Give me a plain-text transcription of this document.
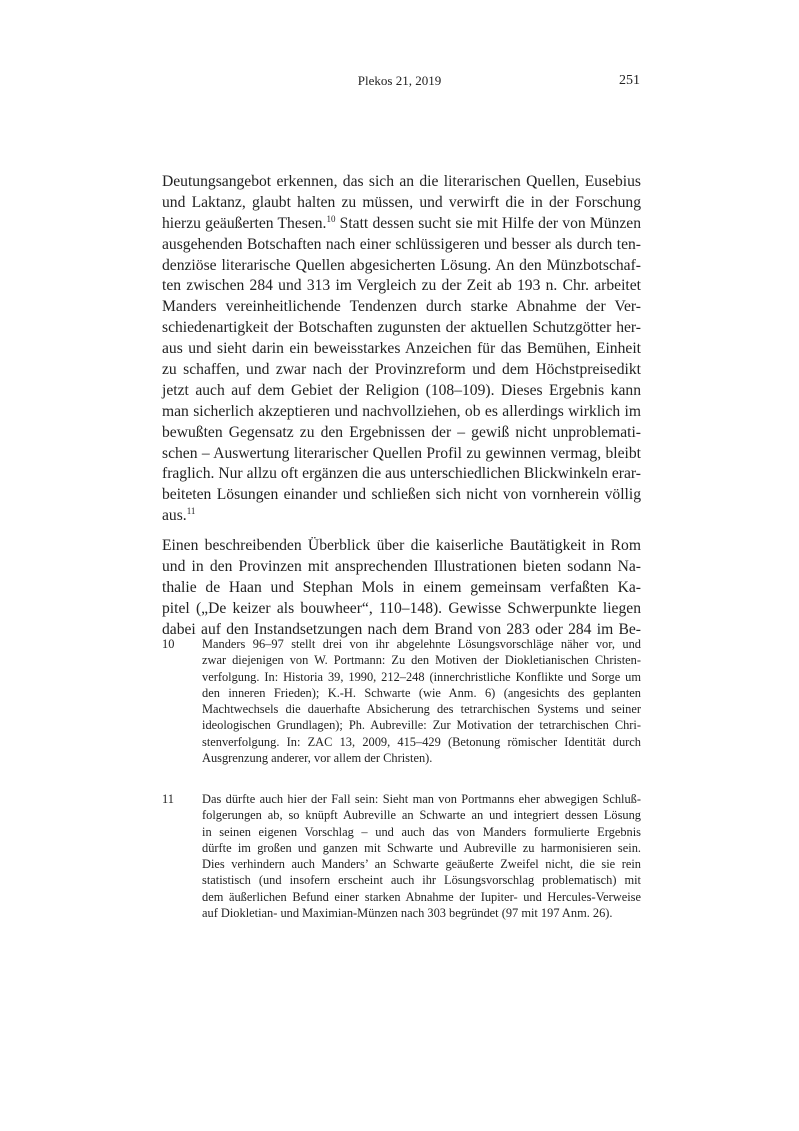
Plekos 21, 2019	251
Deutungsangebot erkennen, das sich an die literarischen Quellen, Eusebius
und Laktanz, glaubt halten zu müssen, und verwirft die in der Forschung
hierzu geäußerten Thesen.$^{10}$ Statt dessen sucht sie mit Hilfe der von Münzen
ausgehenden Botschaften nach einer schlüssigeren und besser als durch ten-
denziöse literarische Quellen abgesicherten Lösung. An den Münzbotschaf-
ten zwischen 284 und 313 im Vergleich zu der Zeit ab 193 n. Chr. arbeitet
Manders vereinheitlichende Tendenzen durch starke Abnahme der Ver-
schiedenartigkeit der Botschaften zugunsten der aktuellen Schutzgötter her-
aus und sieht darin ein beweisstarkes Anzeichen für das Bemühen, Einheit
zu schaffen, und zwar nach der Provinzreform und dem Höchstpreisedikt
jetzt auch auf dem Gebiet der Religion (108–109). Dieses Ergebnis kann
man sicherlich akzeptieren und nachvollziehen, ob es allerdings wirklich im
bewußten Gegensatz zu den Ergebnissen der – gewiß nicht unproblemati-
schen – Auswertung literarischer Quellen Profil zu gewinnen vermag, bleibt
fraglich. Nur allzu oft ergänzen die aus unterschiedlichen Blickwinkeln erar-
beiteten Lösungen einander und schließen sich nicht von vornherein völlig
aus.$^{11}$
Einen beschreibenden Überblick über die kaiserliche Bautätigkeit in Rom
und in den Provinzen mit ansprechenden Illustrationen bieten sodann Na-
thalie de Haan und Stephan Mols in einem gemeinsam verfaßten Ka-
pitel („De keizer als bouwheer“, 110–148). Gewisse Schwerpunkte liegen
dabei auf den Instandsetzungen nach dem Brand von 283 oder 284 im Be-
10 Manders 96–97 stellt drei von ihr abgelehnte Lösungsvorschläge näher vor, und
zwar diejenigen von W. Portmann: Zu den Motiven der Diokletianischen Christen-
verfolgung. In: Historia 39, 1990, 212–248 (innerchristliche Konflikte und Sorge um
den inneren Frieden); K.-H. Schwarte (wie Anm. 6) (angesichts des geplanten
Machtwechsels die dauerhafte Absicherung des tetrarchischen Systems und seiner
ideologischen Grundlagen); Ph. Aubreville: Zur Motivation der tetrarchischen Chri-
stenverfolgung. In: ZAC 13, 2009, 415–429 (Betonung römischer Identität durch
Ausgrenzung anderer, vor allem der Christen).
11 Das dürfte auch hier der Fall sein: Sieht man von Portmanns eher abwegigen Schluß-
folgerungen ab, so knüpft Aubreville an Schwarte an und integriert dessen Lösung
in seinen eigenen Vorschlag – und auch das von Manders formulierte Ergebnis
dürfte im großen und ganzen mit Schwarte und Aubreville zu harmonisieren sein.
Dies verhindern auch Manders’ an Schwarte geäußerte Zweifel nicht, die sie rein
statistisch (und insofern erscheint auch ihr Lösungsvorschlag problematisch) mit
dem äußerlichen Befund einer starken Abnahme der Iupiter- und Hercules-Verweise
auf Diokletian- und Maximian-Münzen nach 303 begründet (97 mit 197 Anm. 26).
